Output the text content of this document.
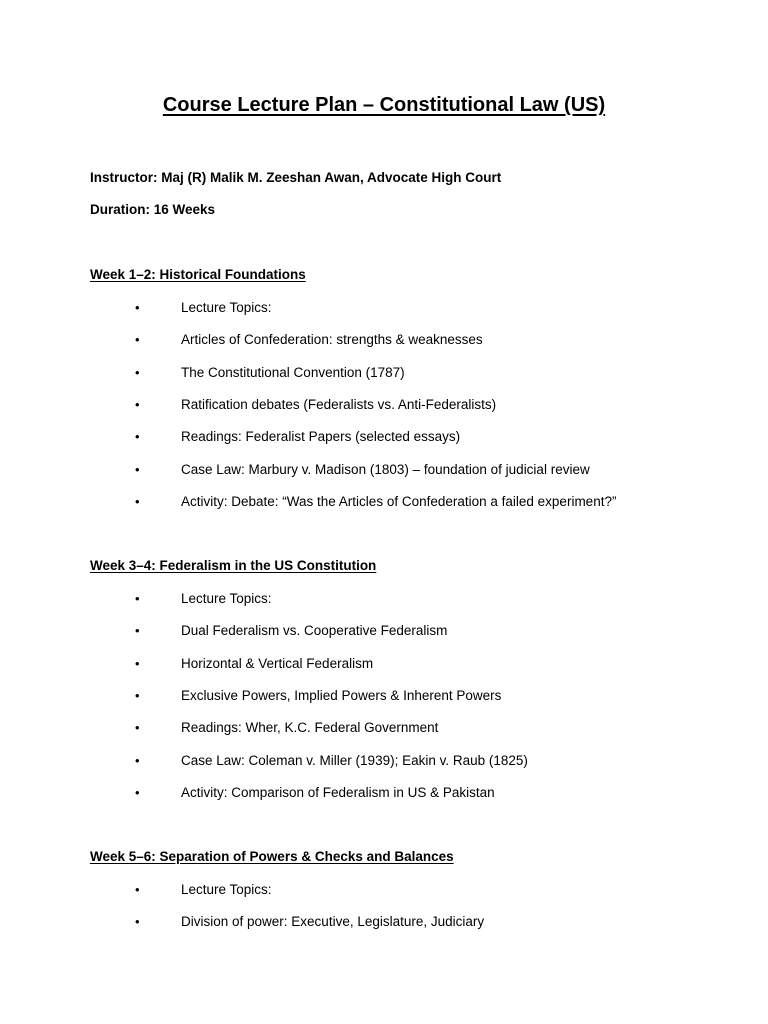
Course Lecture Plan – Constitutional Law (US)
Instructor: Maj (R) Malik M. Zeeshan Awan, Advocate High Court
Duration: 16 Weeks
Week 1–2: Historical Foundations
•	Lecture Topics:
•	Articles of Confederation: strengths & weaknesses
•	The Constitutional Convention (1787)
•	Ratification debates (Federalists vs. Anti-Federalists)
•	Readings: Federalist Papers (selected essays)
•	Case Law: Marbury v. Madison (1803) – foundation of judicial review
•	Activity: Debate: “Was the Articles of Confederation a failed experiment?”
Week 3–4: Federalism in the US Constitution
•	Lecture Topics:
•	Dual Federalism vs. Cooperative Federalism
•	Horizontal & Vertical Federalism
•	Exclusive Powers, Implied Powers & Inherent Powers
•	Readings: Wher, K.C. Federal Government
•	Case Law: Coleman v. Miller (1939); Eakin v. Raub (1825)
•	Activity: Comparison of Federalism in US & Pakistan
Week 5–6: Separation of Powers & Checks and Balances
•	Lecture Topics:
•	Division of power: Executive, Legislature, Judiciary
